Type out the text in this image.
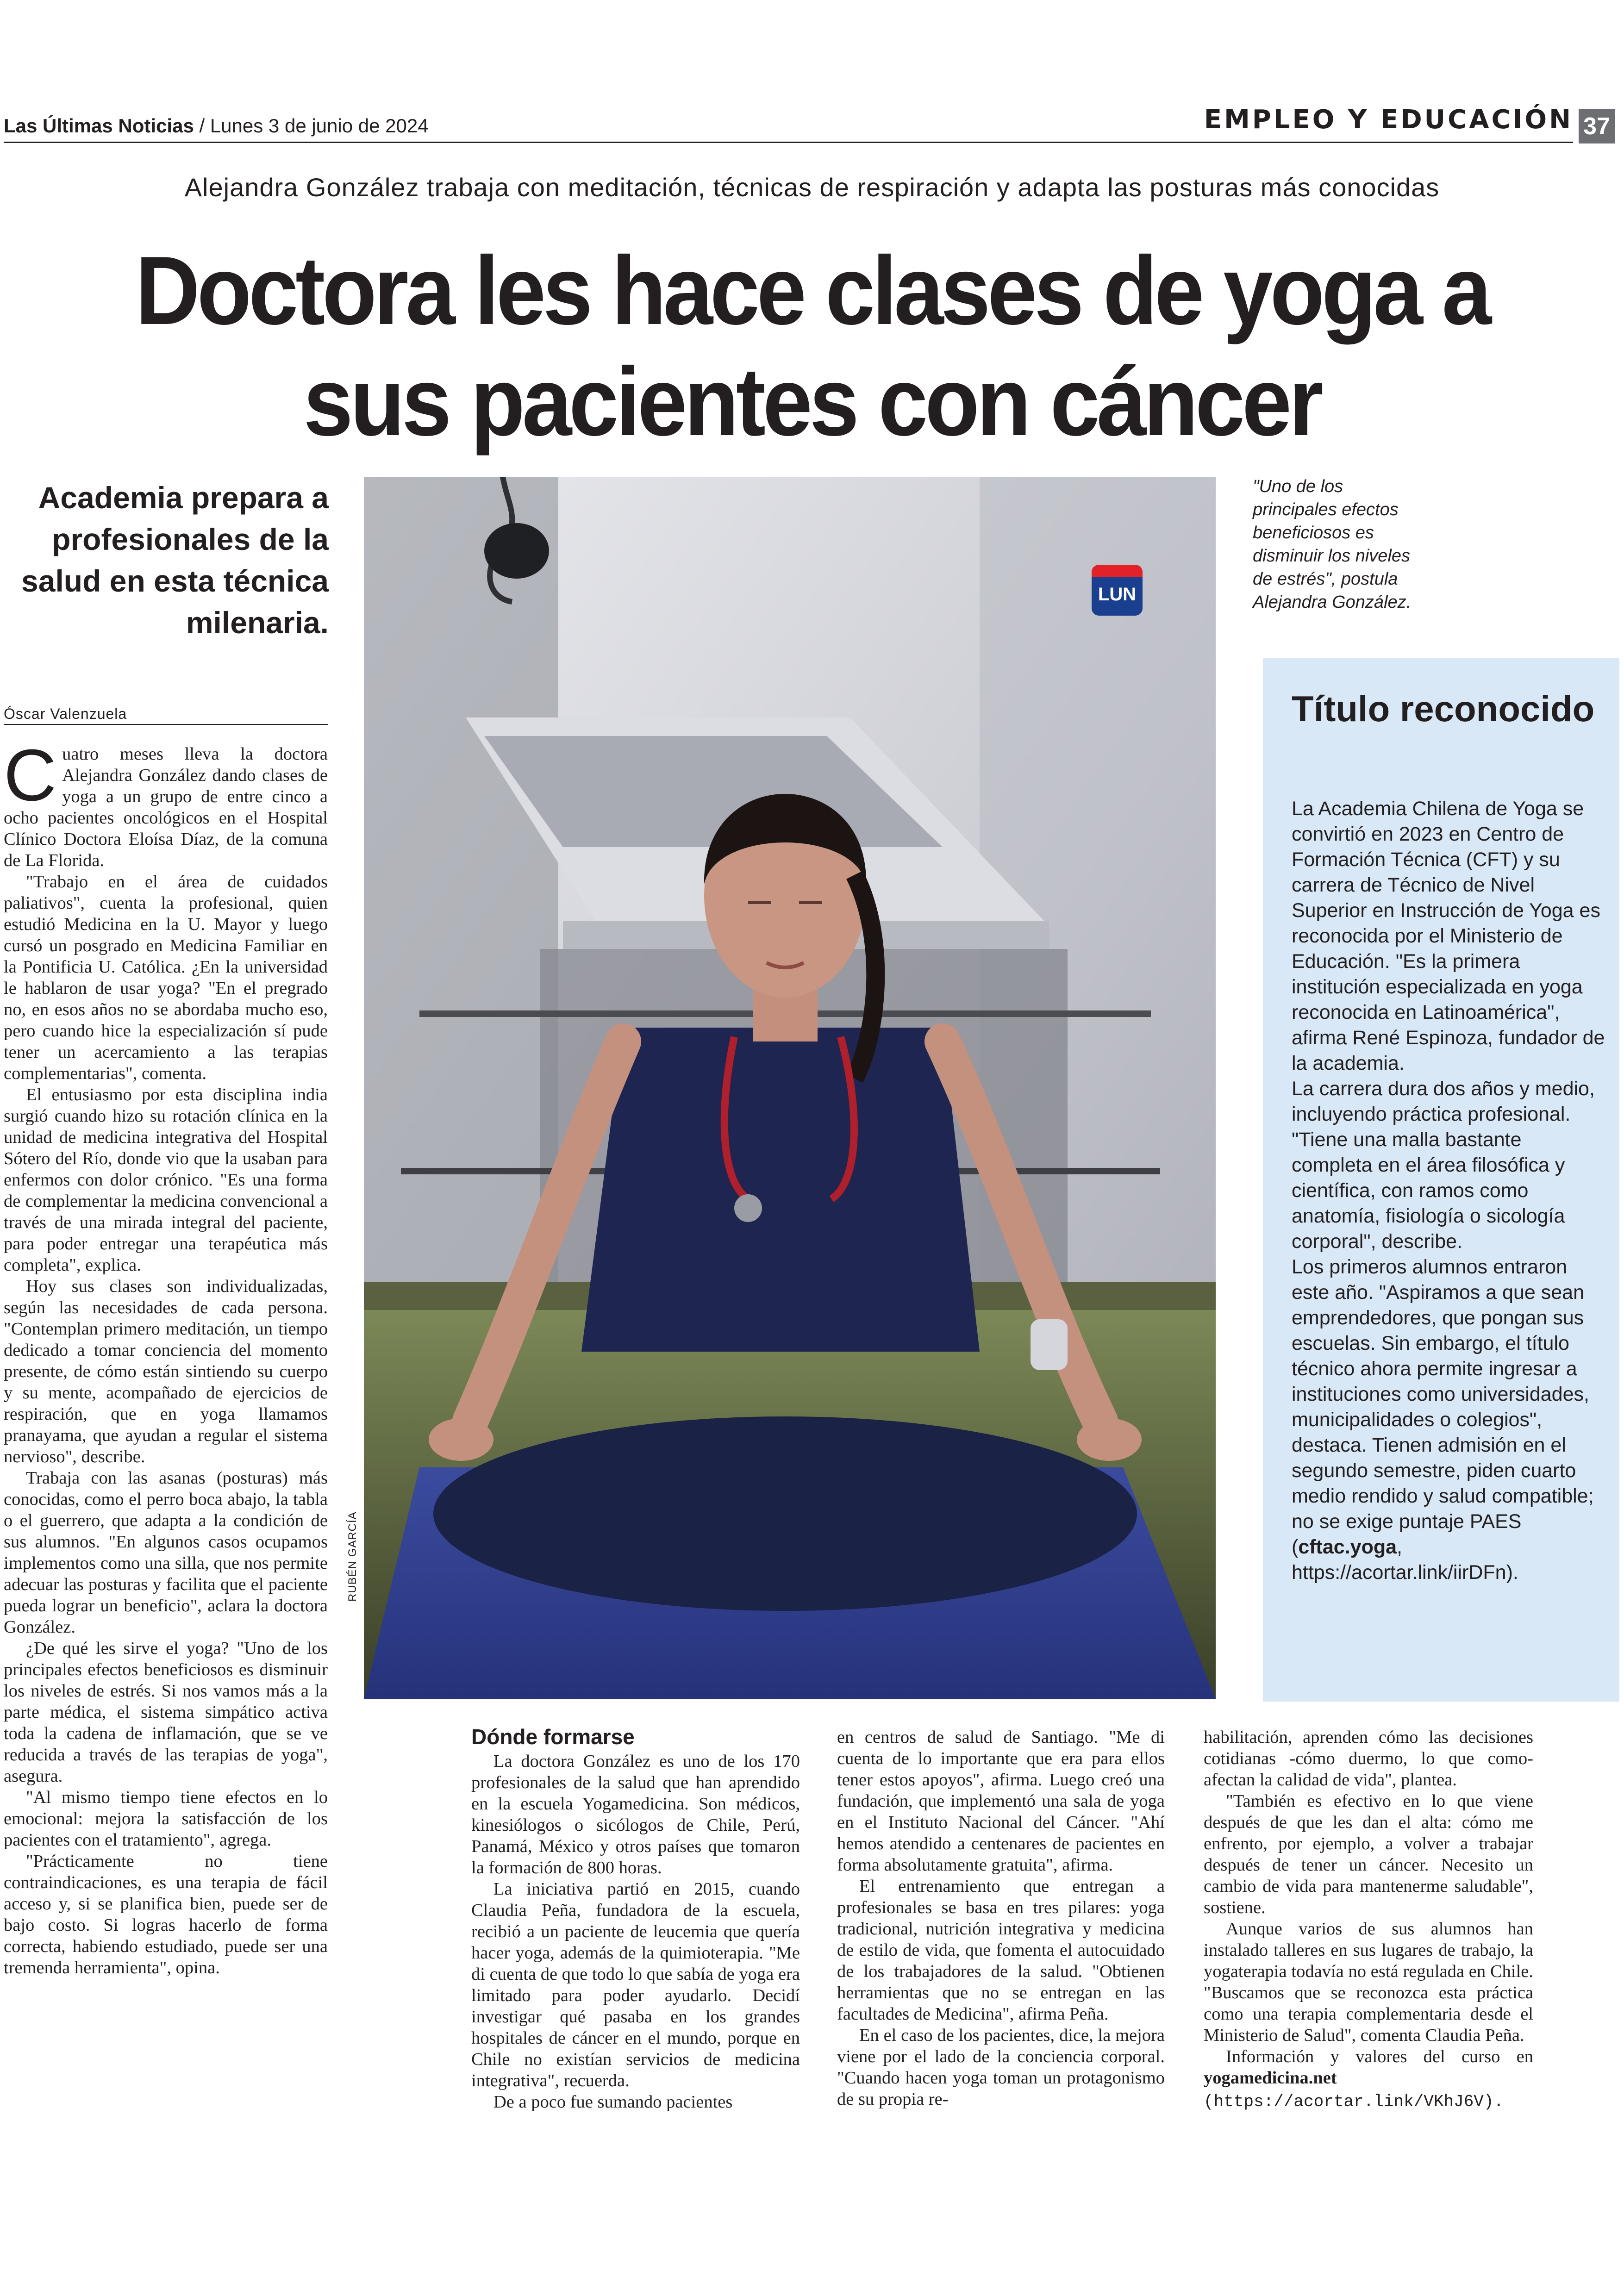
Las Últimas Noticias / Lunes 3 de junio de 2024	EMPLEO Y EDUCACIÓN 37
Alejandra González trabaja con meditación, técnicas de respiración y adapta las posturas más conocidas
Doctora les hace clases de yoga a
sus pacientes con cáncer
Academia prepara a
profesionales de la
salud en esta técnica
milenaria.
LUN
RUBÉN GARCÍA
"Uno de los principales efectos beneficiosos es disminuir los niveles de estrés", postula Alejandra González.
Óscar Valenzuela

Cuatro meses lleva la doctora Alejandra González dando clases de yoga a un grupo de entre cinco a ocho pacientes oncológicos en el Hospital Clínico Doctora Eloísa Díaz, de la comuna de La Florida.

"Trabajo en el área de cuidados paliativos", cuenta la profesional, quien estudió Medicina en la U. Mayor y luego cursó un posgrado en Medicina Familiar en la Pontificia U. Católica. ¿En la universidad le hablaron de usar yoga? "En el pregrado no, en esos años no se abordaba mucho eso, pero cuando hice la especialización sí pude tener un acercamiento a las terapias complementarias", comenta.

El entusiasmo por esta disciplina india surgió cuando hizo su rotación clínica en la unidad de medicina integrativa del Hospital Sótero del Río, donde vio que la usaban para enfermos con dolor crónico. "Es una forma de complementar la medicina convencional a través de una mirada integral del paciente, para poder entregar una terapéutica más completa", explica.

Hoy sus clases son individualizadas, según las necesidades de cada persona. "Contemplan primero meditación, un tiempo dedicado a tomar conciencia del momento presente, de cómo están sintiendo su cuerpo y su mente, acompañado de ejercicios de respiración, que en yoga llamamos pranayama, que ayudan a regular el sistema nervioso", describe.

Trabaja con las asanas (posturas) más conocidas, como el perro boca abajo, la tabla o el guerrero, que adapta a la condición de sus alumnos. "En algunos casos ocupamos implementos como una silla, que nos permite adecuar las posturas y facilita que el paciente pueda lograr un beneficio", aclara la doctora González.

¿De qué les sirve el yoga? "Uno de los principales efectos beneficiosos es disminuir los niveles de estrés. Si nos vamos más a la parte médica, el sistema simpático activa toda la cadena de inflamación, que se ve reducida a través de las terapias de yoga", asegura.

"Al mismo tiempo tiene efectos en lo emocional: mejora la satisfacción de los pacientes con el tratamiento", agrega.

"Prácticamente no tiene contraindicaciones, es una terapia de fácil acceso y, si se planifica bien, puede ser de bajo costo. Si logras hacerlo de forma correcta, habiendo estudiado, puede ser una tremenda herramienta", opina.

Dónde formarse

La doctora González es uno de los 170 profesionales de la salud que han aprendido en la escuela Yogamedicina. Son médicos, kinesiólogos o sicólogos de Chile, Perú, Panamá, México y otros países que tomaron la formación de 800 horas.

La iniciativa partió en 2015, cuando Claudia Peña, fundadora de la escuela, recibió a un paciente de leucemia que quería hacer yoga, además de la quimioterapia. "Me di cuenta de que todo lo que sabía de yoga era limitado para poder ayudarlo. Decidí investigar qué pasaba en los grandes hospitales de cáncer en el mundo, porque en Chile no existían servicios de medicina integrativa", recuerda.

De a poco fue sumando pacientes

en centros de salud de Santiago. "Me di cuenta de lo importante que era para ellos tener estos apoyos", afirma. Luego creó una fundación, que implementó una sala de yoga en el Instituto Nacional del Cáncer. "Ahí hemos atendido a centenares de pacientes en forma absolutamente gratuita", afirma.

El entrenamiento que entregan a profesionales se basa en tres pilares: yoga tradicional, nutrición integrativa y medicina de estilo de vida, que fomenta el autocuidado de los trabajadores de la salud. "Obtienen herramientas que no se entregan en las facultades de Medicina", afirma Peña.

En el caso de los pacientes, dice, la mejora viene por el lado de la conciencia corporal. "Cuando hacen yoga toman un protagonismo de su propia re-

habilitación, aprenden cómo las decisiones cotidianas -cómo duermo, lo que como- afectan la calidad de vida", plantea.

"También es efectivo en lo que viene después de que les dan el alta: cómo me enfrento, por ejemplo, a volver a trabajar después de tener un cáncer. Necesito un cambio de vida para mantenerme saludable", sostiene.

Aunque varios de sus alumnos han instalado talleres en sus lugares de trabajo, la yogaterapia todavía no está regulada en Chile. "Buscamos que se reconozca esta práctica como una terapia complementaria desde el Ministerio de Salud", comenta Claudia Peña.

Información y valores del curso en yogamedicina.net (https://acortar.link/VKhJ6V).

Título reconocido

La Academia Chilena de Yoga se convirtió en 2023 en Centro de Formación Técnica (CFT) y su carrera de Técnico de Nivel Superior en Instrucción de Yoga es reconocida por el Ministerio de Educación. "Es la primera institución especializada en yoga reconocida en Latinoamérica", afirma René Espinoza, fundador de la academia.

La carrera dura dos años y medio, incluyendo práctica profesional. "Tiene una malla bastante completa en el área filosófica y científica, con ramos como anatomía, fisiología o sicología corporal", describe.

Los primeros alumnos entraron este año. "Aspiramos a que sean emprendedores, que pongan sus escuelas. Sin embargo, el título técnico ahora permite ingresar a instituciones como universidades, municipalidades o colegios", destaca. Tienen admisión en el segundo semestre, piden cuarto medio rendido y salud compatible; no se exige puntaje PAES (cftac.yoga, https://acortar.link/iirDFn).
